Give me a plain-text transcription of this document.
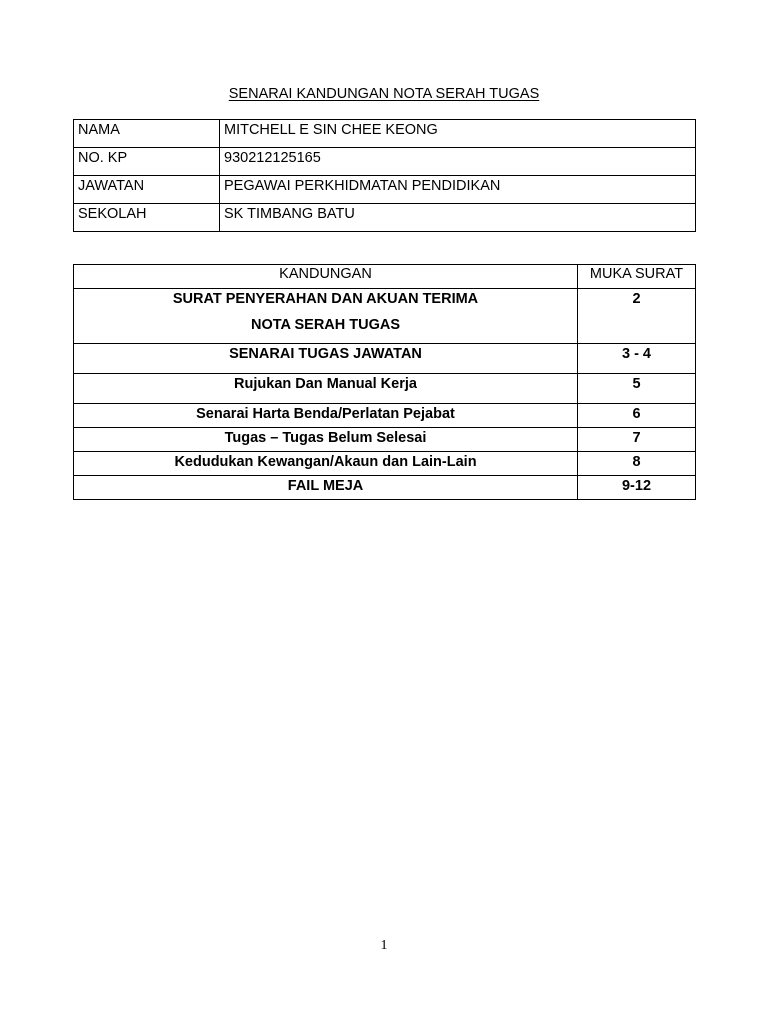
SENARAI KANDUNGAN NOTA SERAH TUGAS
NAMA	MITCHELL E SIN CHEE KEONG
NO. KP	930212125165
JAWATAN	PEGAWAI PERKHIDMATAN PENDIDIKAN
SEKOLAH	SK TIMBANG BATU
KANDUNGAN	MUKA SURAT
SURAT PENYERAHAN DAN AKUAN TERIMA
NOTA SERAH TUGAS	2
SENARAI TUGAS JAWATAN	3 - 4
Rujukan Dan Manual Kerja	5
Senarai Harta Benda/Perlatan Pejabat	6
Tugas – Tugas Belum Selesai	7
Kedudukan Kewangan/Akaun dan Lain-Lain	8
FAIL MEJA	9-12
1
